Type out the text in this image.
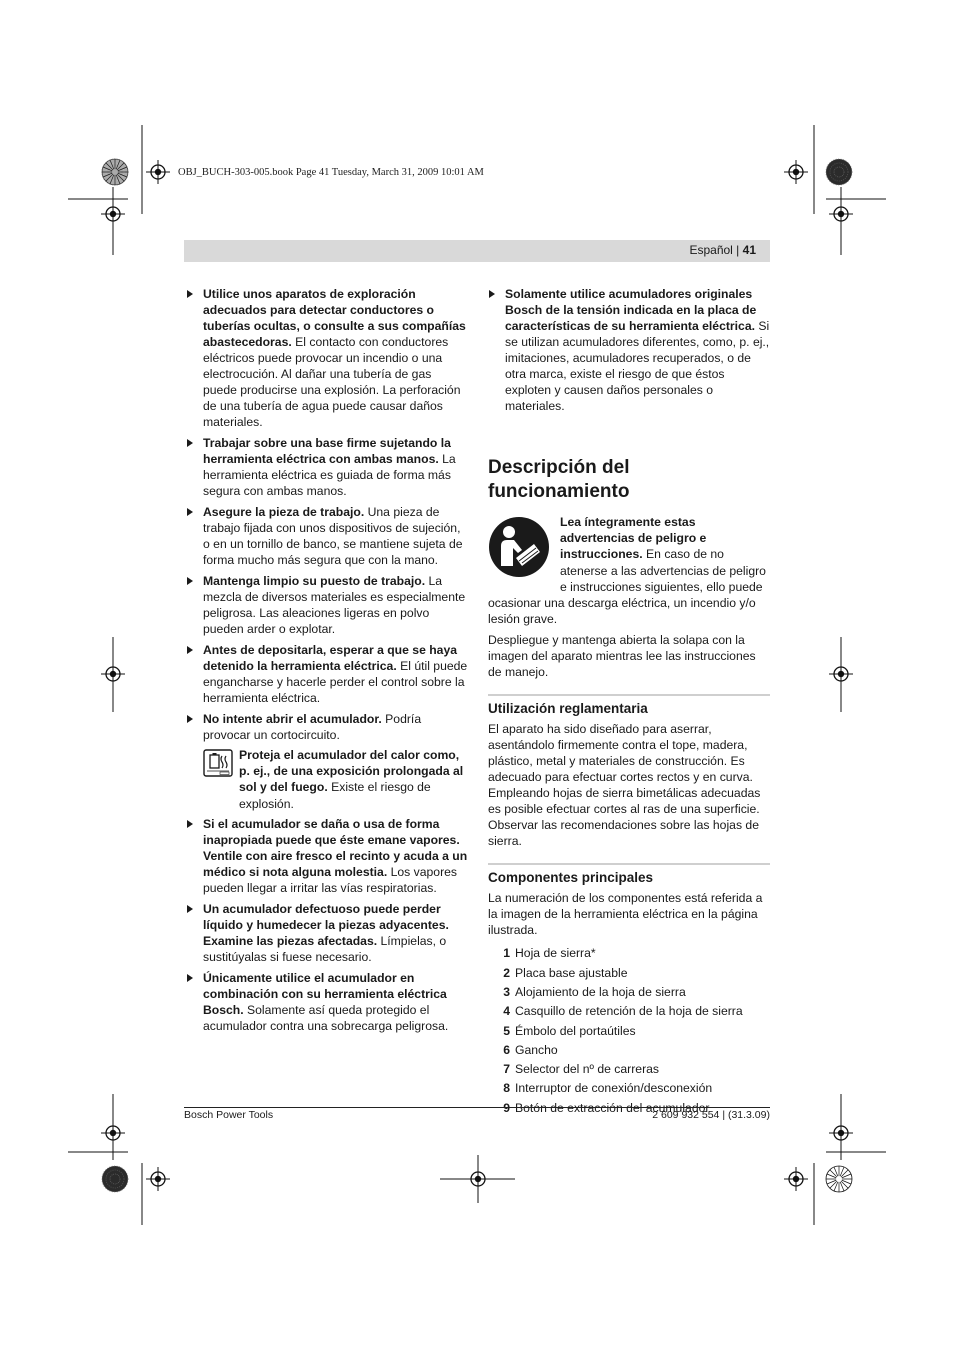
OBJ_BUCH-303-005.book Page 41 Tuesday, March 31, 2009 10:01 AM
Español | 41
Utilice unos aparatos de exploración adecuados para detectar conductores o tuberías ocultas, o consulte a sus compañías abastecedoras. El contacto con conductores eléctricos puede provocar un incendio o una electrocución. Al dañar una tubería de gas puede producirse una explosión. La perforación de una tubería de agua puede causar daños materiales.
Trabajar sobre una base firme sujetando la herramienta eléctrica con ambas manos. La herramienta eléctrica es guiada de forma más segura con ambas manos.
Asegure la pieza de trabajo. Una pieza de trabajo fijada con unos dispositivos de sujeción, o en un tornillo de banco, se mantiene sujeta de forma mucho más segura que con la mano.
Mantenga limpio su puesto de trabajo. La mezcla de diversos materiales es especialmente peligrosa. Las aleaciones ligeras en polvo pueden arder o explotar.
Antes de depositarla, esperar a que se haya detenido la herramienta eléctrica. El útil puede engancharse y hacerle perder el control sobre la herramienta eléctrica.
No intente abrir el acumulador. Podría provocar un cortocircuito.
Proteja el acumulador del calor como, p. ej., de una exposición prolongada al sol y del fuego. Existe el riesgo de explosión.
Si el acumulador se daña o usa de forma inapropiada puede que éste emane vapores. Ventile con aire fresco el recinto y acuda a un médico si nota alguna molestia. Los vapores pueden llegar a irritar las vías respiratorias.
Un acumulador defectuoso puede perder líquido y humedecer la piezas adyacentes. Examine las piezas afectadas. Límpielas, o sustitúyalas si fuese necesario.
Únicamente utilice el acumulador en combinación con su herramienta eléctrica Bosch. Solamente así queda protegido el acumulador contra una sobrecarga peligrosa.
Solamente utilice acumuladores originales Bosch de la tensión indicada en la placa de características de su herramienta eléctrica. Si se utilizan acumuladores diferentes, como, p. ej., imitaciones, acumuladores recuperados, o de otra marca, existe el riesgo de que éstos exploten y causen daños personales o materiales.
Descripción del funcionamiento
Lea íntegramente estas advertencias de peligro e instrucciones. En caso de no atenerse a las advertencias de peligro e instrucciones siguientes, ello puede ocasionar una descarga eléctrica, un incendio y/o lesión grave.
Despliegue y mantenga abierta la solapa con la imagen del aparato mientras lee las instrucciones de manejo.
Utilización reglamentaria
El aparato ha sido diseñado para aserrar, asentándolo firmemente contra el tope, madera, plástico, metal y materiales de construcción. Es adecuado para efectuar cortes rectos y en curva. Empleando hojas de sierra bimetálicas adecuadas es posible efectuar cortes al ras de una superficie. Observar las recomendaciones sobre las hojas de sierra.
Componentes principales
La numeración de los componentes está referida a la imagen de la herramienta eléctrica en la página ilustrada.
1 Hoja de sierra*
2 Placa base ajustable
3 Alojamiento de la hoja de sierra
4 Casquillo de retención de la hoja de sierra
5 Émbolo del portaútiles
6 Gancho
7 Selector del nº de carreras
8 Interruptor de conexión/desconexión
9 Botón de extracción del acumulador
Bosch Power Tools	2 609 932 554 | (31.3.09)
